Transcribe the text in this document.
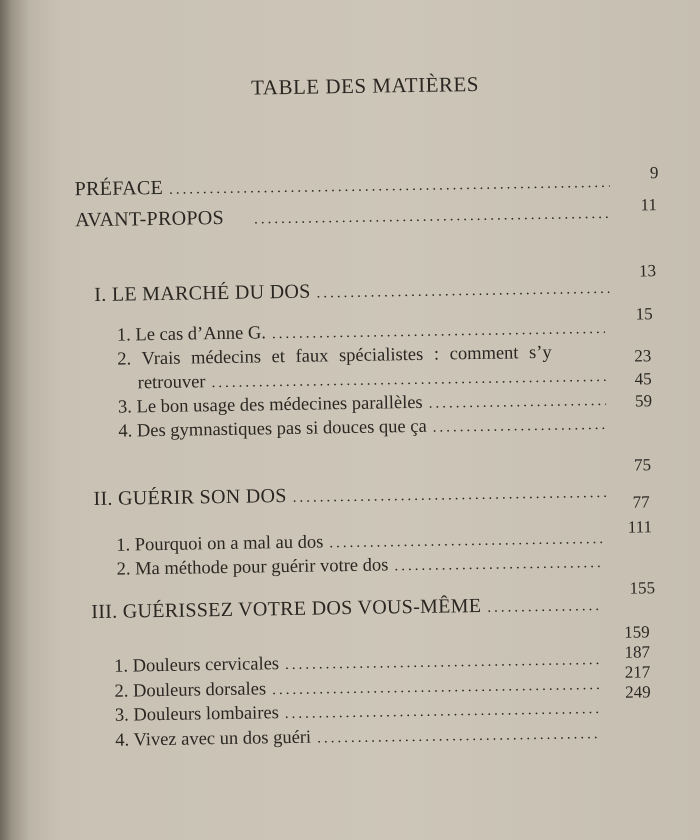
TABLE DES MATIÈRES
PRÉFACE
.....
9
AVANT-PROPOS
.....
11
I. LE MARCHÉ DU DOS
.....
13
1. Le cas d’Anne G.
.....
15
2. Vrais médecins et faux spécialistes : comment s’y
retrouver
.....
23
3. Le bon usage des médecines parallèles
.....
45
4. Des gymnastiques pas si douces que ça
.....
59
II. GUÉRIR SON DOS
.....
75
1. Pourquoi on a mal au dos
.....
77
2. Ma méthode pour guérir votre dos
.....
111
III. GUÉRISSEZ VOTRE DOS VOUS-MÊME
.....
155
1. Douleurs cervicales
.....
159
2. Douleurs dorsales
.....
187
3. Douleurs lombaires
.....
217
4. Vivez avec un dos guéri
.....
249
